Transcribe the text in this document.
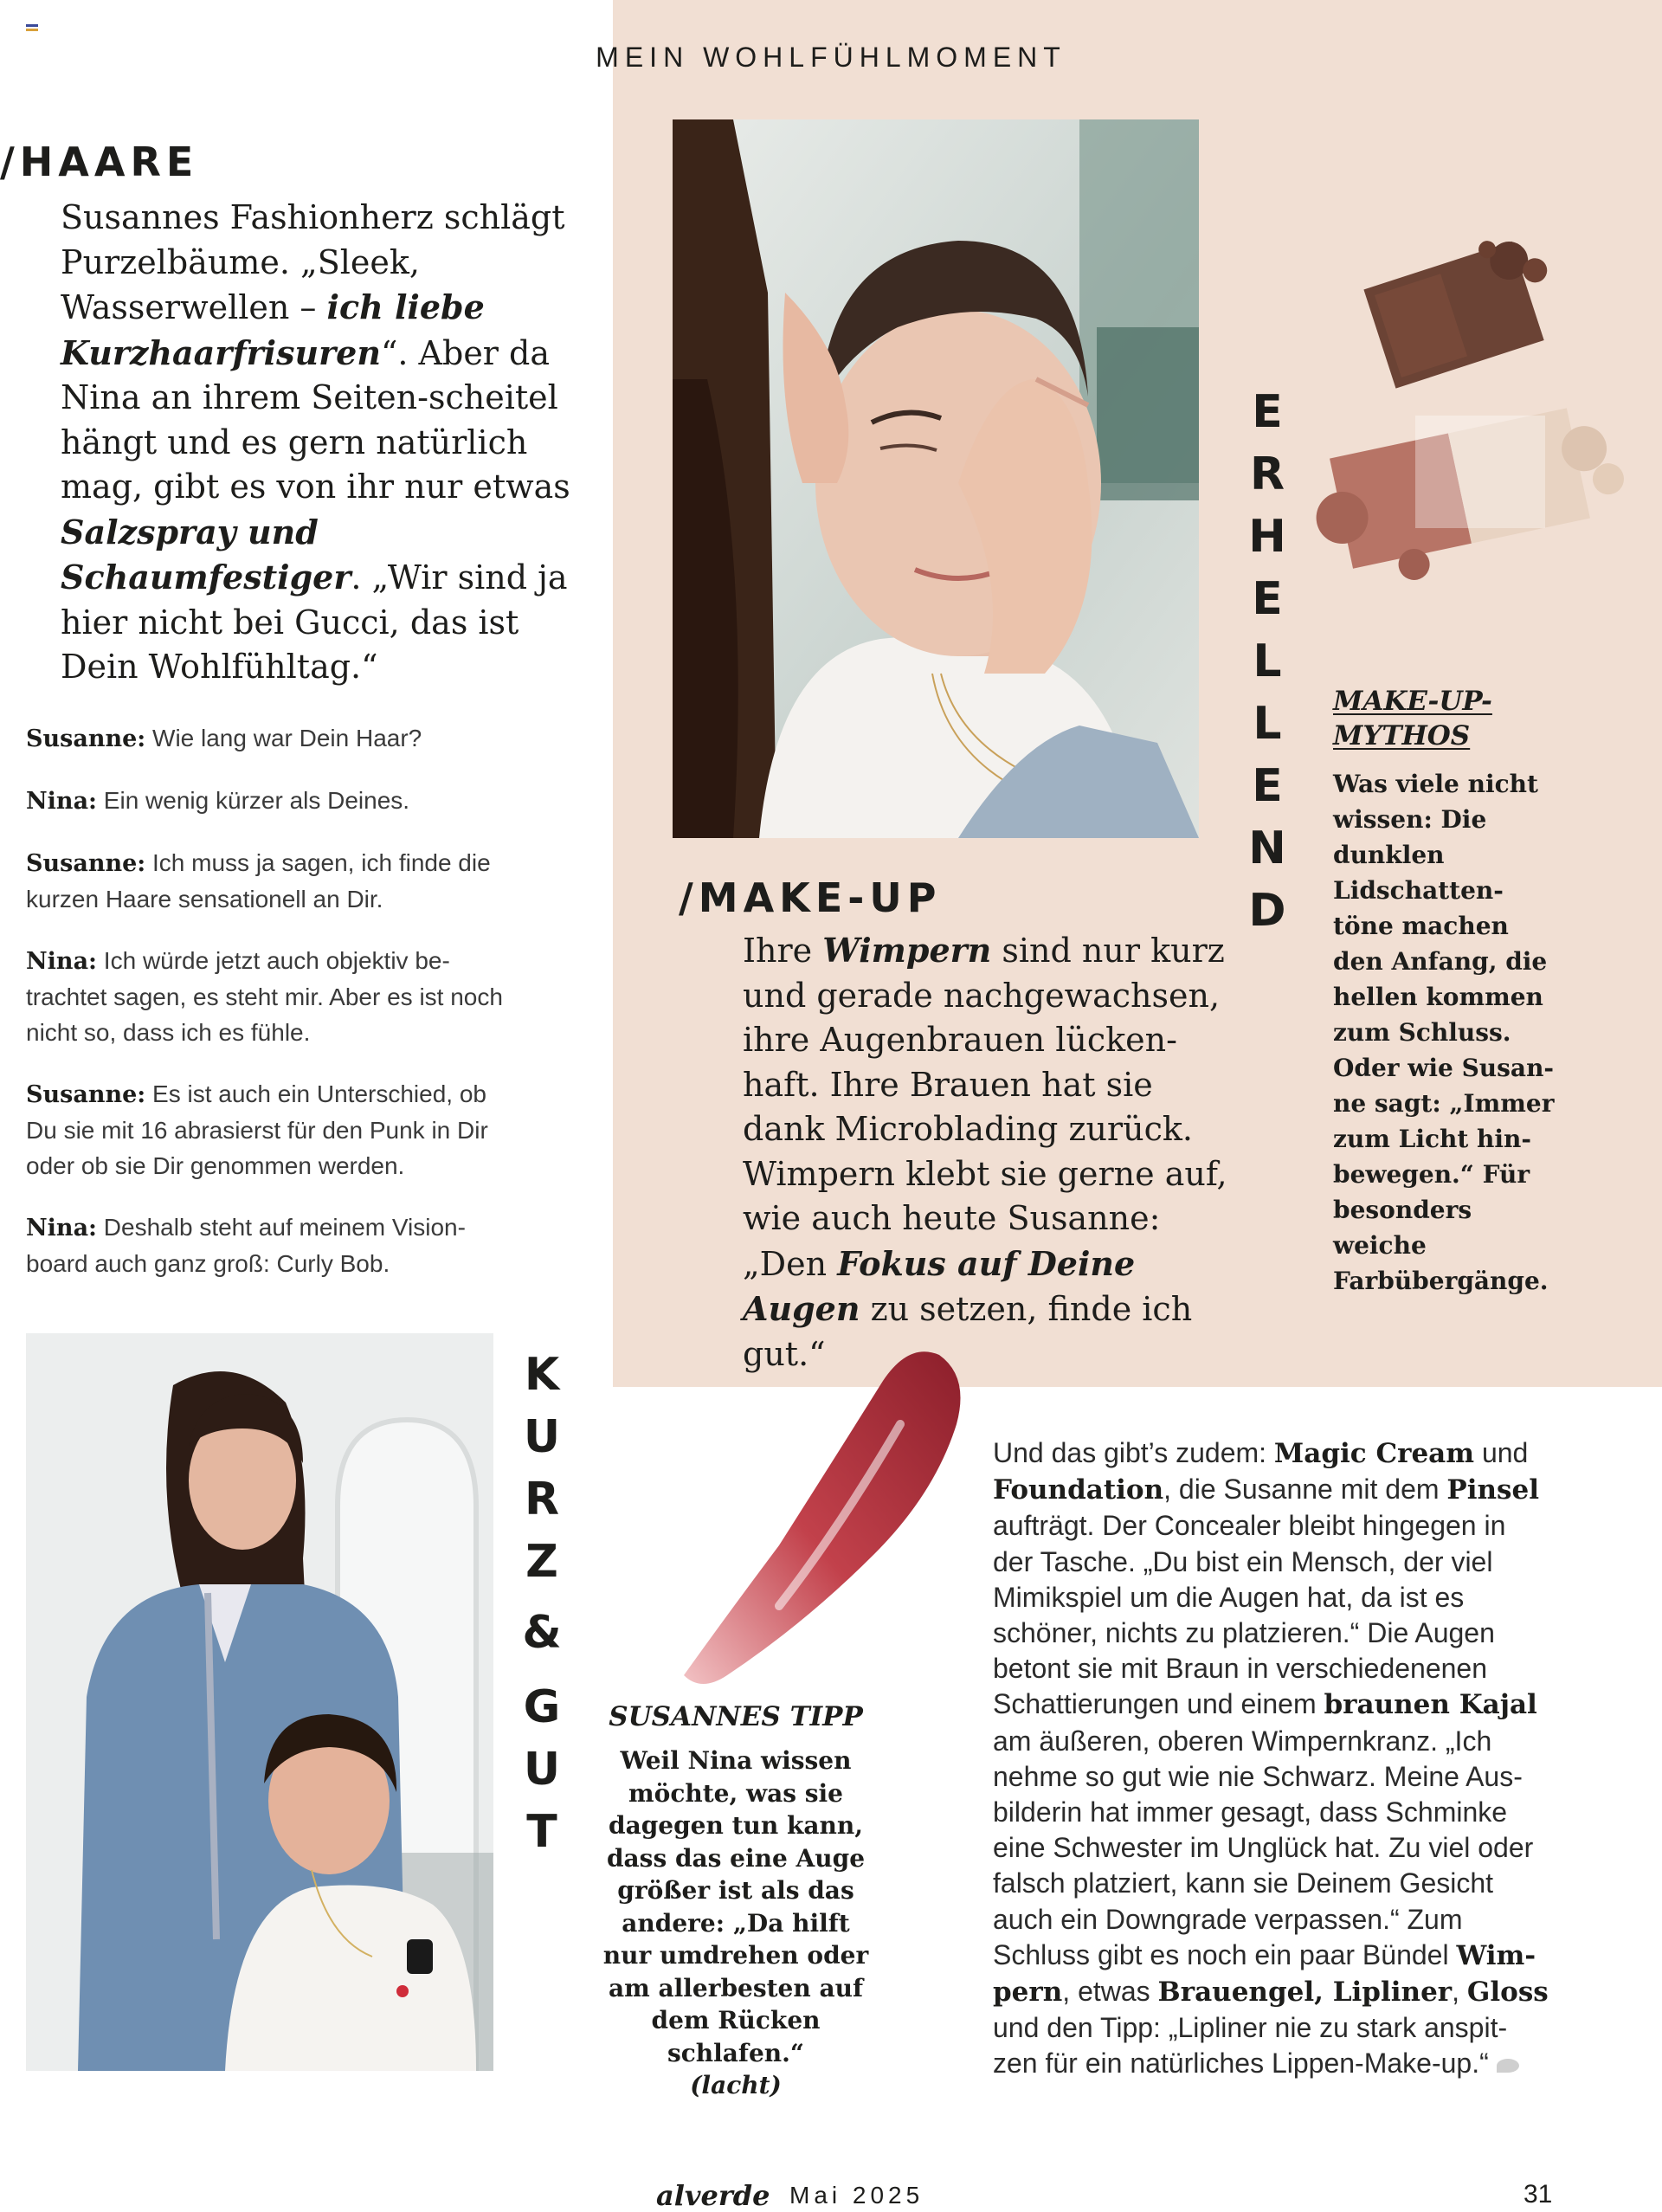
MEIN WOHLFÜHLMOMENT
/HAARE
Susannes Fashionherz schlägt Purzelbäume. „Sleek, Wasserwellen – ich liebe Kurzhaarfrisuren“. Aber da Nina an ihrem Seiten-scheitel hängt und es gern natürlich mag, gibt es von ihr nur etwas Salzspray und Schaumfestiger. „Wir sind ja hier nicht bei Gucci, das ist Dein Wohlfühltag.“

Susanne: Wie lang war Dein Haar?

Nina: Ein wenig kürzer als Deines.

Susanne: Ich muss ja sagen, ich finde die kurzen Haare sensationell an Dir.

Nina: Ich würde jetzt auch objektiv be-trachtet sagen, es steht mir. Aber es ist noch nicht so, dass ich es fühle.

Susanne: Es ist auch ein Unterschied, ob Du sie mit 16 abrasierst für den Punk in Dir oder ob sie Dir genommen werden.

Nina: Deshalb steht auf meinem Vision-board auch ganz groß: Curly Bob.

E
R
H
E
L
L
E
N
D
MAKE-UP-MYTHOS
Was viele nicht wissen: Die dunklen Lidschatten-töne machen den Anfang, die hellen kommen zum Schluss. Oder wie Susan-ne sagt: „Immer zum Licht hin-bewegen.“ Für besonders weiche Farbübergänge.
/MAKE-UP
Ihre Wimpern sind nur kurz und gerade nachgewachsen, ihre Augenbrauen lücken-haft. Ihre Brauen hat sie dank Microblading zurück. Wimpern klebt sie gerne auf, wie auch heute Susanne: „Den Fokus auf Deine Augen zu setzen, finde ich gut.“
K
U
R
Z
&
G
U
T
SUSANNES TIPP
Weil Nina wissen möchte, was sie dagegen tun kann, dass das eine Auge größer ist als das andere: „Da hilft nur umdrehen oder am allerbesten auf dem Rücken schlafen.“
(lacht)
Und das gibt’s zudem: Magic Cream und Foundation, die Susanne mit dem Pinsel aufträgt. Der Concealer bleibt hingegen in der Tasche. „Du bist ein Mensch, der viel Mimikspiel um die Augen hat, da ist es schöner, nichts zu platzieren.“ Die Augen betont sie mit Braun in verschiedenenen Schattierungen und einem braunen Kajal am äußeren, oberen Wimpernkranz. „Ich nehme so gut wie nie Schwarz. Meine Aus-bilderin hat immer gesagt, dass Schminke eine Schwester im Unglück hat. Zu viel oder falsch platziert, kann sie Deinem Gesicht auch ein Downgrade verpassen.“ Zum Schluss gibt es noch ein paar Bündel Wim-pern, etwas Brauengel, Lipliner, Gloss und den Tipp: „Lipliner nie zu stark anspit-zen für ein natürliches Lippen-Make-up.“
alverde Mai 2025	31
